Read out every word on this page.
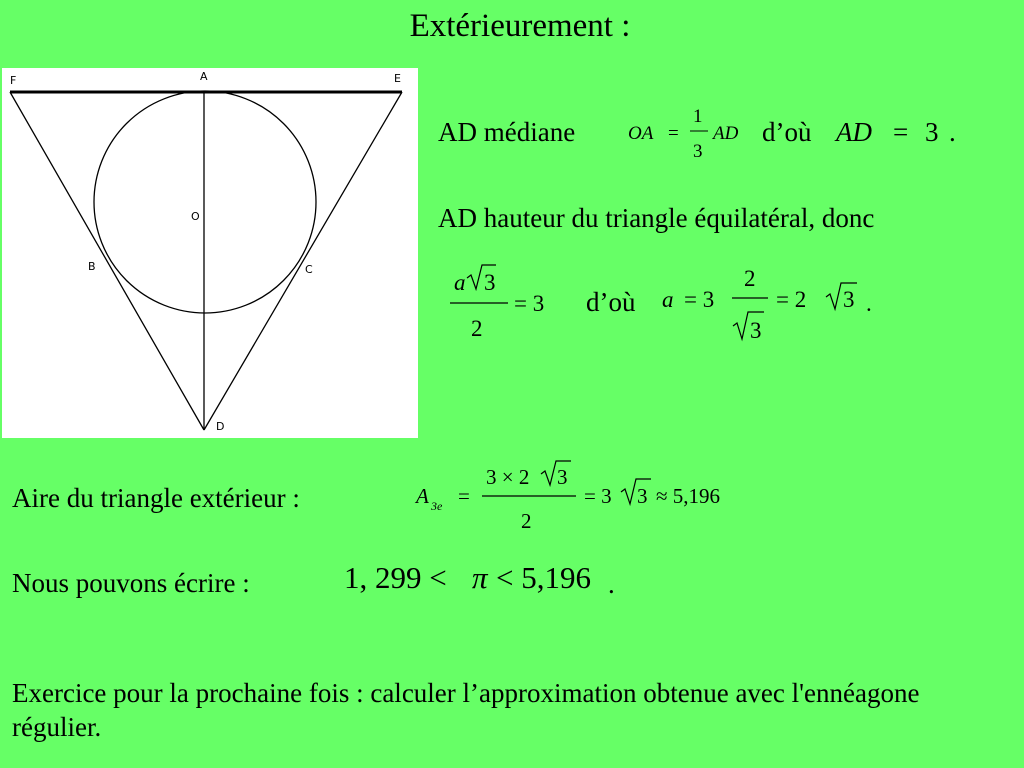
Extérieurement :
F	A	E
O
B	C
D
AD médiane	OA =
1
3
AD d’où AD = 3 .
AD hauteur du triangle équilatéral, donc
a 3
2
= 3 d’où a = 3
2
3
= 2 3 .
Aire du triangle extérieur :	A 3e =
3 × 2 3
2
= 3 3 ≈ 5,196
Nous pouvons écrire :	1, 299 < π < 5,196 .
Exercice pour la prochaine fois : calculer l’approximation obtenue avec l'ennéagone régulier.
